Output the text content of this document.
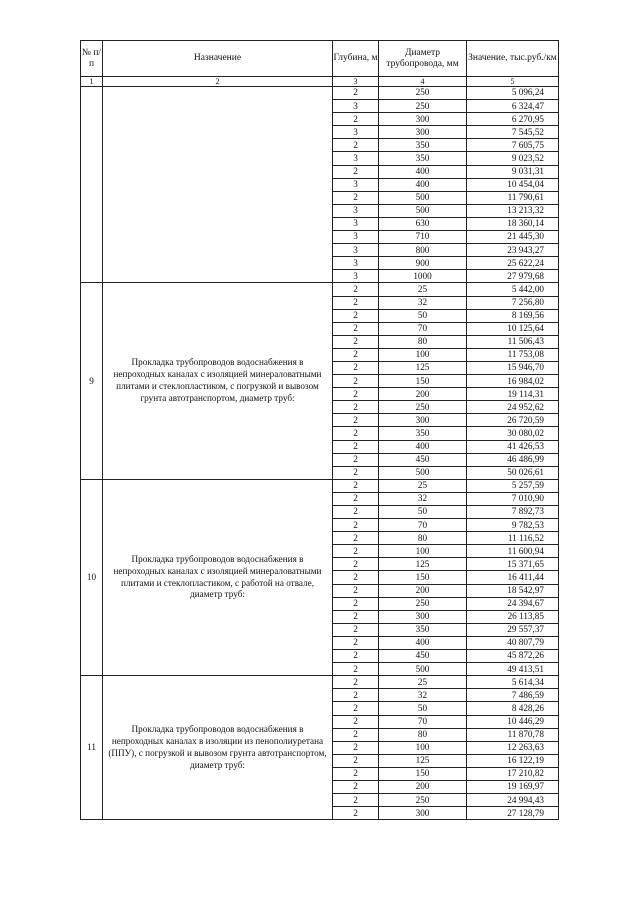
№ п/п	Назначение	Глубина, м	Диаметр трубопровода, мм	Значение, тыс.руб./км
1	2	3	4	5
		2	250	5 096,24
		3	250	6 324,47
		2	300	6 270,95
		3	300	7 545,52
		2	350	7 605,75
		3	350	9 023,52
		2	400	9 031,31
		3	400	10 454,04
		2	500	11 790,61
		3	500	13 213,32
		3	630	18 360,14
		3	710	21 445,30
		3	800	23 943,27
		3	900	25 622,24
		3	1000	27 979,68
9	Прокладка трубопроводов водоснабжения в непроходных каналах с изоляцией минераловатными плитами и стеклопластиком, с погрузкой и вывозом грунта автотранспортом, диаметр труб:	2	25	5 442,00
		2	32	7 256,80
		2	50	8 169,56
		2	70	10 125,64
		2	80	11 506,43
		2	100	11 753,08
		2	125	15 946,70
		2	150	16 984,02
		2	200	19 114,31
		2	250	24 952,62
		2	300	26 720,59
		2	350	30 080,02
		2	400	41 426,53
		2	450	46 486,99
		2	500	50 026,61
10	Прокладка трубопроводов водоснабжения в непроходных каналах с изоляцией минераловатными плитами и стеклопластиком, с работой на отвале, диаметр труб:	2	25	5 257,59
		2	32	7 010,90
		2	50	7 892,73
		2	70	9 782,53
		2	80	11 116,52
		2	100	11 600,94
		2	125	15 371,65
		2	150	16 411,44
		2	200	18 542,97
		2	250	24 394,67
		2	300	26 113,85
		2	350	29 557,37
		2	400	40 807,79
		2	450	45 872,26
		2	500	49 413,51
11	Прокладка трубопроводов водоснабжения в непроходных каналах в изоляции из пенополиуретана (ППУ), с погрузкой и вывозом грунта автотранспортом, диаметр труб:	2	25	5 614,34
		2	32	7 486,59
		2	50	8 428,26
		2	70	10 446,29
		2	80	11 870,78
		2	100	12 263,63
		2	125	16 122,19
		2	150	17 210,82
		2	200	19 169,97
		2	250	24 994,43
		2	300	27 128,79
